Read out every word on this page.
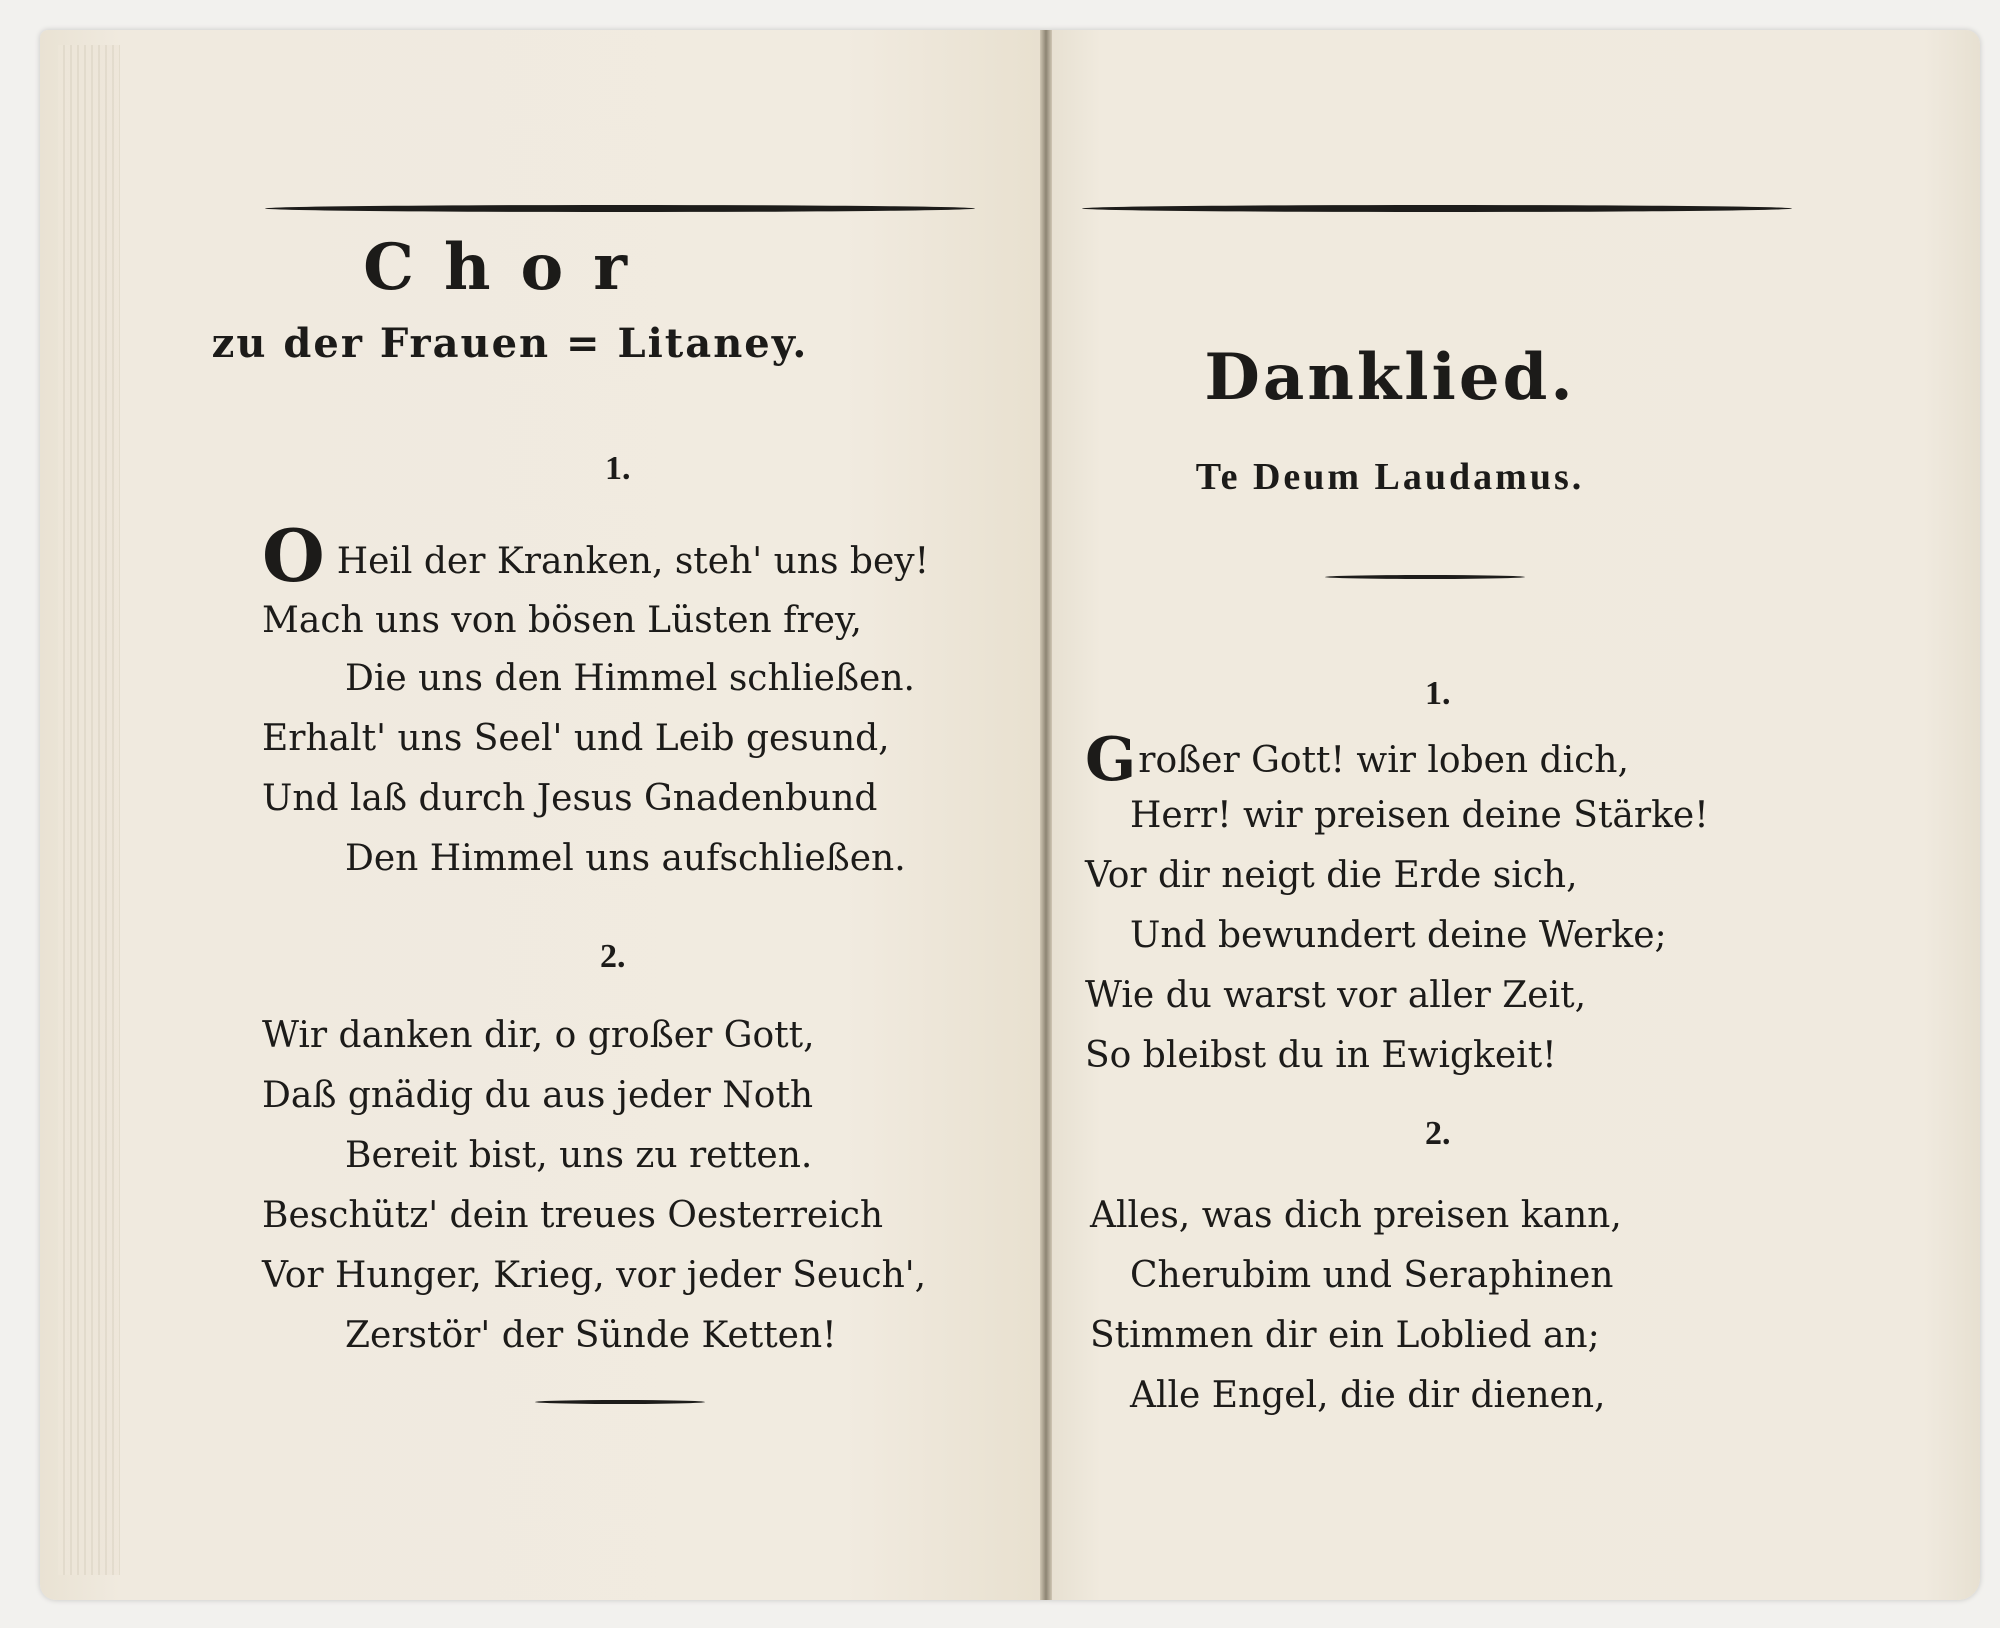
Chor
zu der Frauen = Litaney.
1.
O Heil der Kranken, steh' uns bey!
Mach uns von bösen Lüsten frey,
Die uns den Himmel schließen.
Erhalt' uns Seel' und Leib gesund,
Und laß durch Jesus Gnadenbund
Den Himmel uns aufschließen.
2.
Wir danken dir, o großer Gott,
Daß gnädig du aus jeder Noth
Bereit bist, uns zu retten.
Beschütz' dein treues Oesterreich
Vor Hunger, Krieg, vor jeder Seuch',
Zerstör' der Sünde Ketten!
Danklied.
Te Deum Laudamus.
1.
Großer Gott! wir loben dich,
Herr! wir preisen deine Stärke!
Vor dir neigt die Erde sich,
Und bewundert deine Werke;
Wie du warst vor aller Zeit,
So bleibst du in Ewigkeit!
2.
Alles, was dich preisen kann,
Cherubim und Seraphinen
Stimmen dir ein Loblied an;
Alle Engel, die dir dienen,
